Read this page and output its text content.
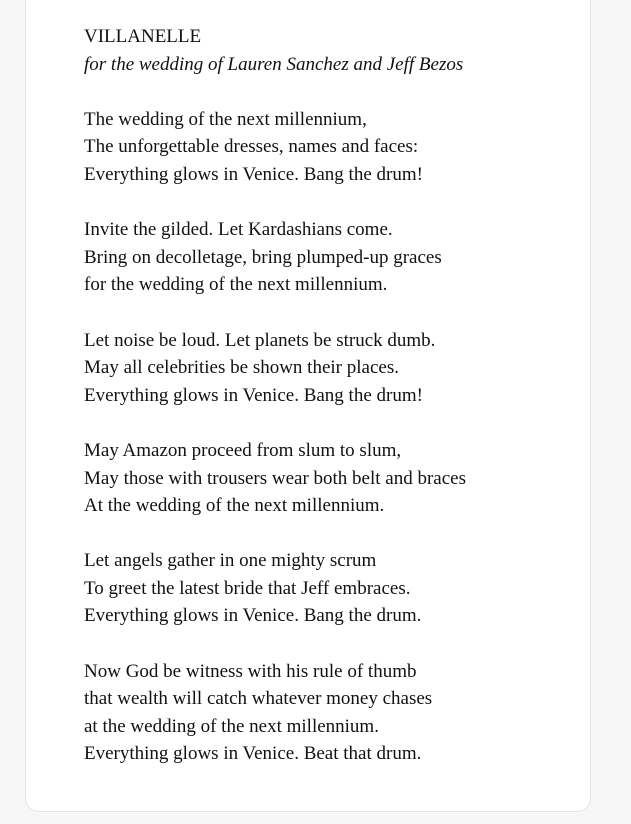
VILLANELLE
for the wedding of Lauren Sanchez and Jeff Bezos
The wedding of the next millennium,
The unforgettable dresses, names and faces:
Everything glows in Venice. Bang the drum!
Invite the gilded. Let Kardashians come.
Bring on decolletage, bring plumped-up graces
for the wedding of the next millennium.
Let noise be loud. Let planets be struck dumb.
May all celebrities be shown their places.
Everything glows in Venice. Bang the drum!
May Amazon proceed from slum to slum,
May those with trousers wear both belt and braces
At the wedding of the next millennium.
Let angels gather in one mighty scrum
To greet the latest bride that Jeff embraces.
Everything glows in Venice. Bang the drum.
Now God be witness with his rule of thumb
that wealth will catch whatever money chases
at the wedding of the next millennium.
Everything glows in Venice. Beat that drum.
